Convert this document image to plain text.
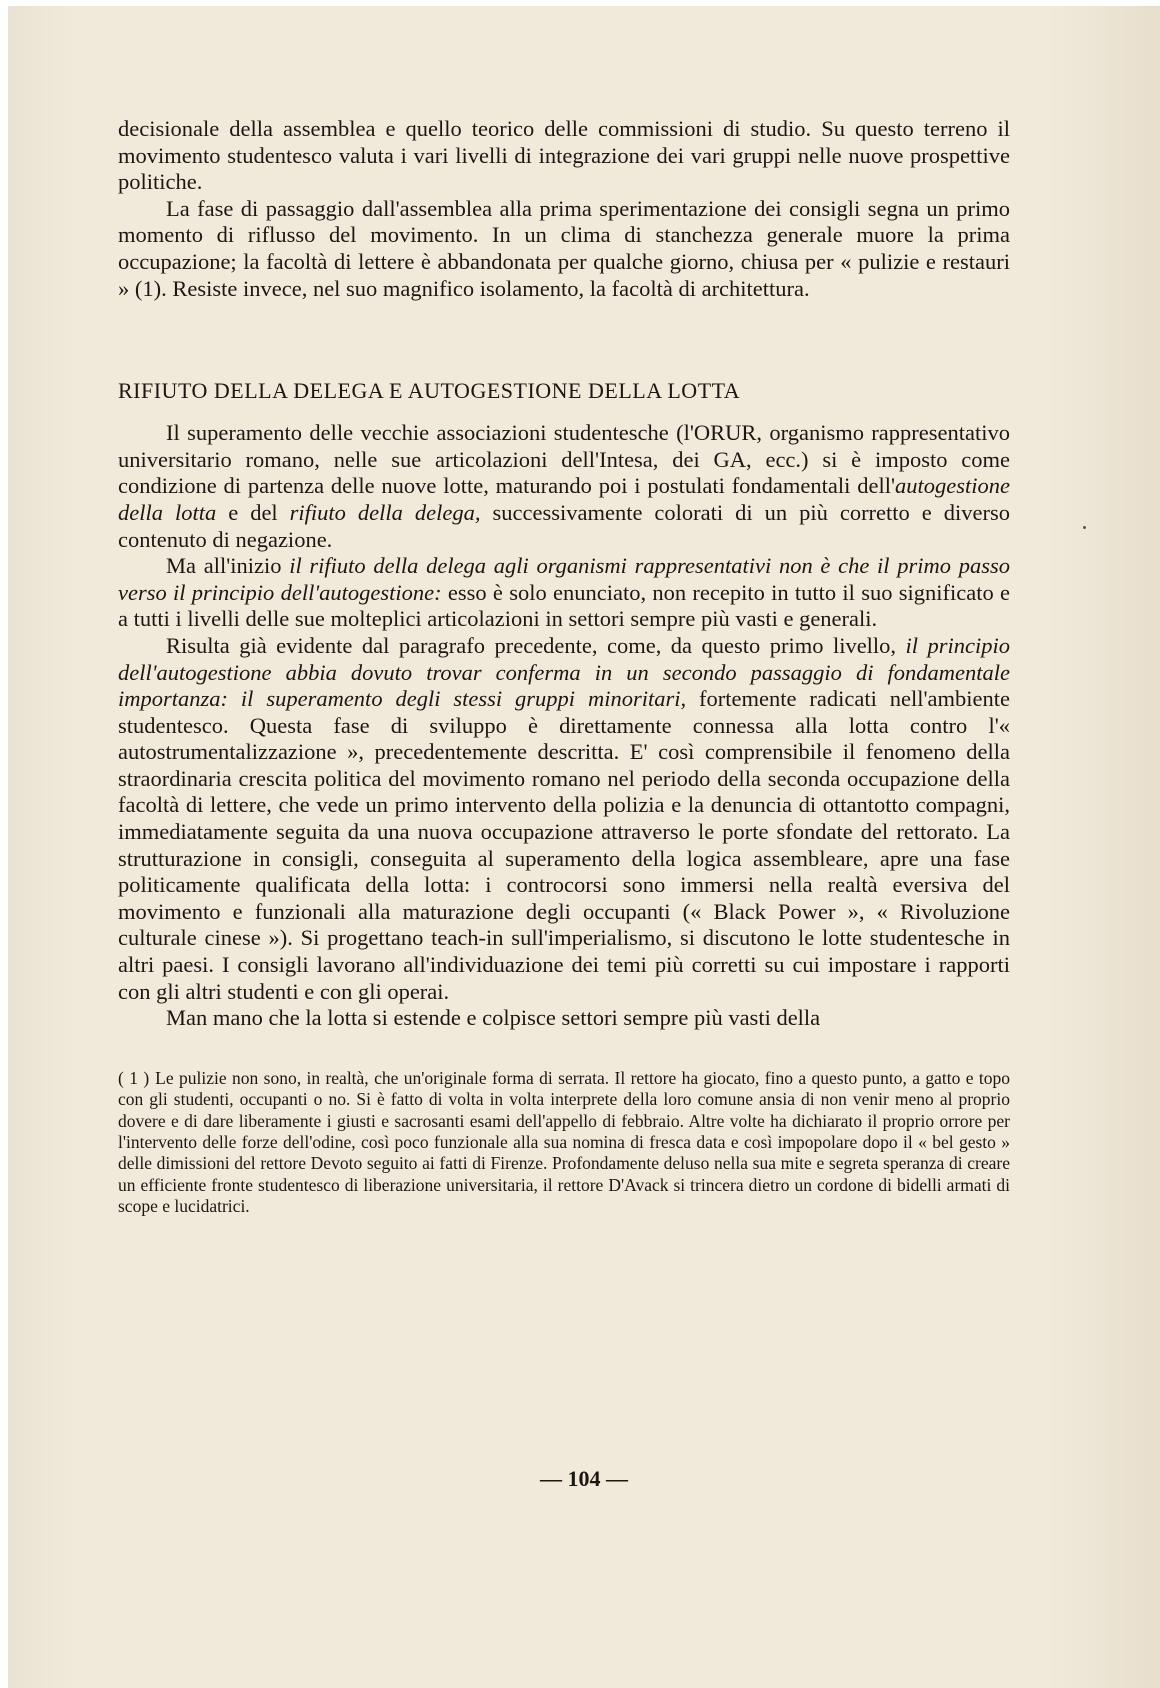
decisionale della assemblea e quello teorico delle commissioni di studio. Su questo terreno il movimento studentesco valuta i vari livelli di integrazione dei vari gruppi nelle nuove prospettive politiche.

La fase di passaggio dall'assemblea alla prima sperimentazione dei consigli segna un primo momento di riflusso del movimento. In un clima di stanchezza generale muore la prima occupazione; la facoltà di lettere è abbandonata per qualche giorno, chiusa per « pulizie e restauri » (1). Resiste invece, nel suo magnifico isolamento, la facoltà di architettura.

RIFIUTO DELLA DELEGA E AUTOGESTIONE DELLA LOTTA

Il superamento delle vecchie associazioni studentesche (l'ORUR, organismo rappresentativo universitario romano, nelle sue articolazioni dell'Intesa, dei GA, ecc.) si è imposto come condizione di partenza delle nuove lotte, maturando poi i postulati fondamentali dell'autogestione della lotta e del rifiuto della delega, successivamente colorati di un più corretto e diverso contenuto di negazione.

Ma all'inizio il rifiuto della delega agli organismi rappresentativi non è che il primo passo verso il principio dell'autogestione: esso è solo enunciato, non recepito in tutto il suo significato e a tutti i livelli delle sue molteplici articolazioni in settori sempre più vasti e generali.

Risulta già evidente dal paragrafo precedente, come, da questo primo livello, il principio dell'autogestione abbia dovuto trovar conferma in un secondo passaggio di fondamentale importanza: il superamento degli stessi gruppi minoritari, fortemente radicati nell'ambiente studentesco. Questa fase di sviluppo è direttamente connessa alla lotta contro l'« autostrumentalizzazione », precedentemente descritta. E' così comprensibile il fenomeno della straordinaria crescita politica del movimento romano nel periodo della seconda occupazione della facoltà di lettere, che vede un primo intervento della polizia e la denuncia di ottantotto compagni, immediatamente seguita da una nuova occupazione attraverso le porte sfondate del rettorato. La strutturazione in consigli, conseguita al superamento della logica assembleare, apre una fase politicamente qualificata della lotta: i controcorsi sono immersi nella realtà eversiva del movimento e funzionali alla maturazione degli occupanti (« Black Power », « Rivoluzione culturale cinese »). Si progettano teach-in sull'imperialismo, si discutono le lotte studentesche in altri paesi. I consigli lavorano all'individuazione dei temi più corretti su cui impostare i rapporti con gli altri studenti e con gli operai.

Man mano che la lotta si estende e colpisce settori sempre più vasti della

( 1 ) Le pulizie non sono, in realtà, che un'originale forma di serrata. Il rettore ha giocato, fino a questo punto, a gatto e topo con gli studenti, occupanti o no. Si è fatto di volta in volta interprete della loro comune ansia di non venir meno al proprio dovere e di dare liberamente i giusti e sacrosanti esami dell'appello di febbraio. Altre volte ha dichiarato il proprio orrore per l'intervento delle forze dell'odine, così poco funzionale alla sua nomina di fresca data e così impopolare dopo il « bel gesto » delle dimissioni del rettore Devoto seguito ai fatti di Firenze. Profondamente deluso nella sua mite e segreta speranza di creare un efficiente fronte studentesco di liberazione universitaria, il rettore D'Avack si trincera dietro un cordone di bidelli armati di scope e lucidatrici.

— 104 —
